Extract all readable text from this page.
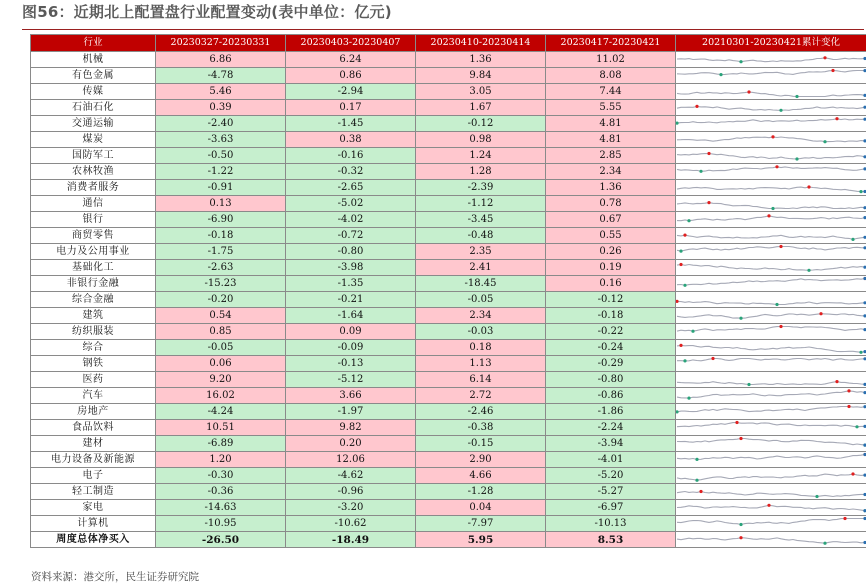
图56：近期北上配置盘行业配置变动(表中单位：亿元)
行业	20230327-20230331	20230403-20230407	20230410-20230414	20230417-20230421	20210301-20230421累计变化
机械	6.86	6.24	1.36	11.02	

有色金属	-4.78	0.86	9.84	8.08	

传媒	5.46	-2.94	3.05	7.44	

石油石化	0.39	0.17	1.67	5.55	

交通运输	-2.40	-1.45	-0.12	4.81	

煤炭	-3.63	0.38	0.98	4.81	

国防军工	-0.50	-0.16	1.24	2.85	

农林牧渔	-1.22	-0.32	1.28	2.34	

消费者服务	-0.91	-2.65	-2.39	1.36	

通信	0.13	-5.02	-1.12	0.78	

银行	-6.90	-4.02	-3.45	0.67	

商贸零售	-0.18	-0.72	-0.48	0.55	

电力及公用事业	-1.75	-0.80	2.35	0.26	

基础化工	-2.63	-3.98	2.41	0.19	

非银行金融	-15.23	-1.35	-18.45	0.16	

综合金融	-0.20	-0.21	-0.05	-0.12	

建筑	0.54	-1.64	2.34	-0.18	

纺织服装	0.85	0.09	-0.03	-0.22	

综合	-0.05	-0.09	0.18	-0.24	

钢铁	0.06	-0.13	1.13	-0.29	

医药	9.20	-5.12	6.14	-0.80	

汽车	16.02	3.66	2.72	-0.86	

房地产	-4.24	-1.97	-2.46	-1.86	

食品饮料	10.51	9.82	-0.38	-2.24	

建材	-6.89	0.20	-0.15	-3.94	

电力设备及新能源	1.20	12.06	2.90	-4.01	

电子	-0.30	-4.62	4.66	-5.20	

轻工制造	-0.36	-0.96	-1.28	-5.27	

家电	-14.63	-3.20	0.04	-6.97	

计算机	-10.95	-10.62	-7.97	-10.13	

周度总体净买入	-26.50	-18.49	5.95	8.53	
资料来源：港交所，民生证券研究院
